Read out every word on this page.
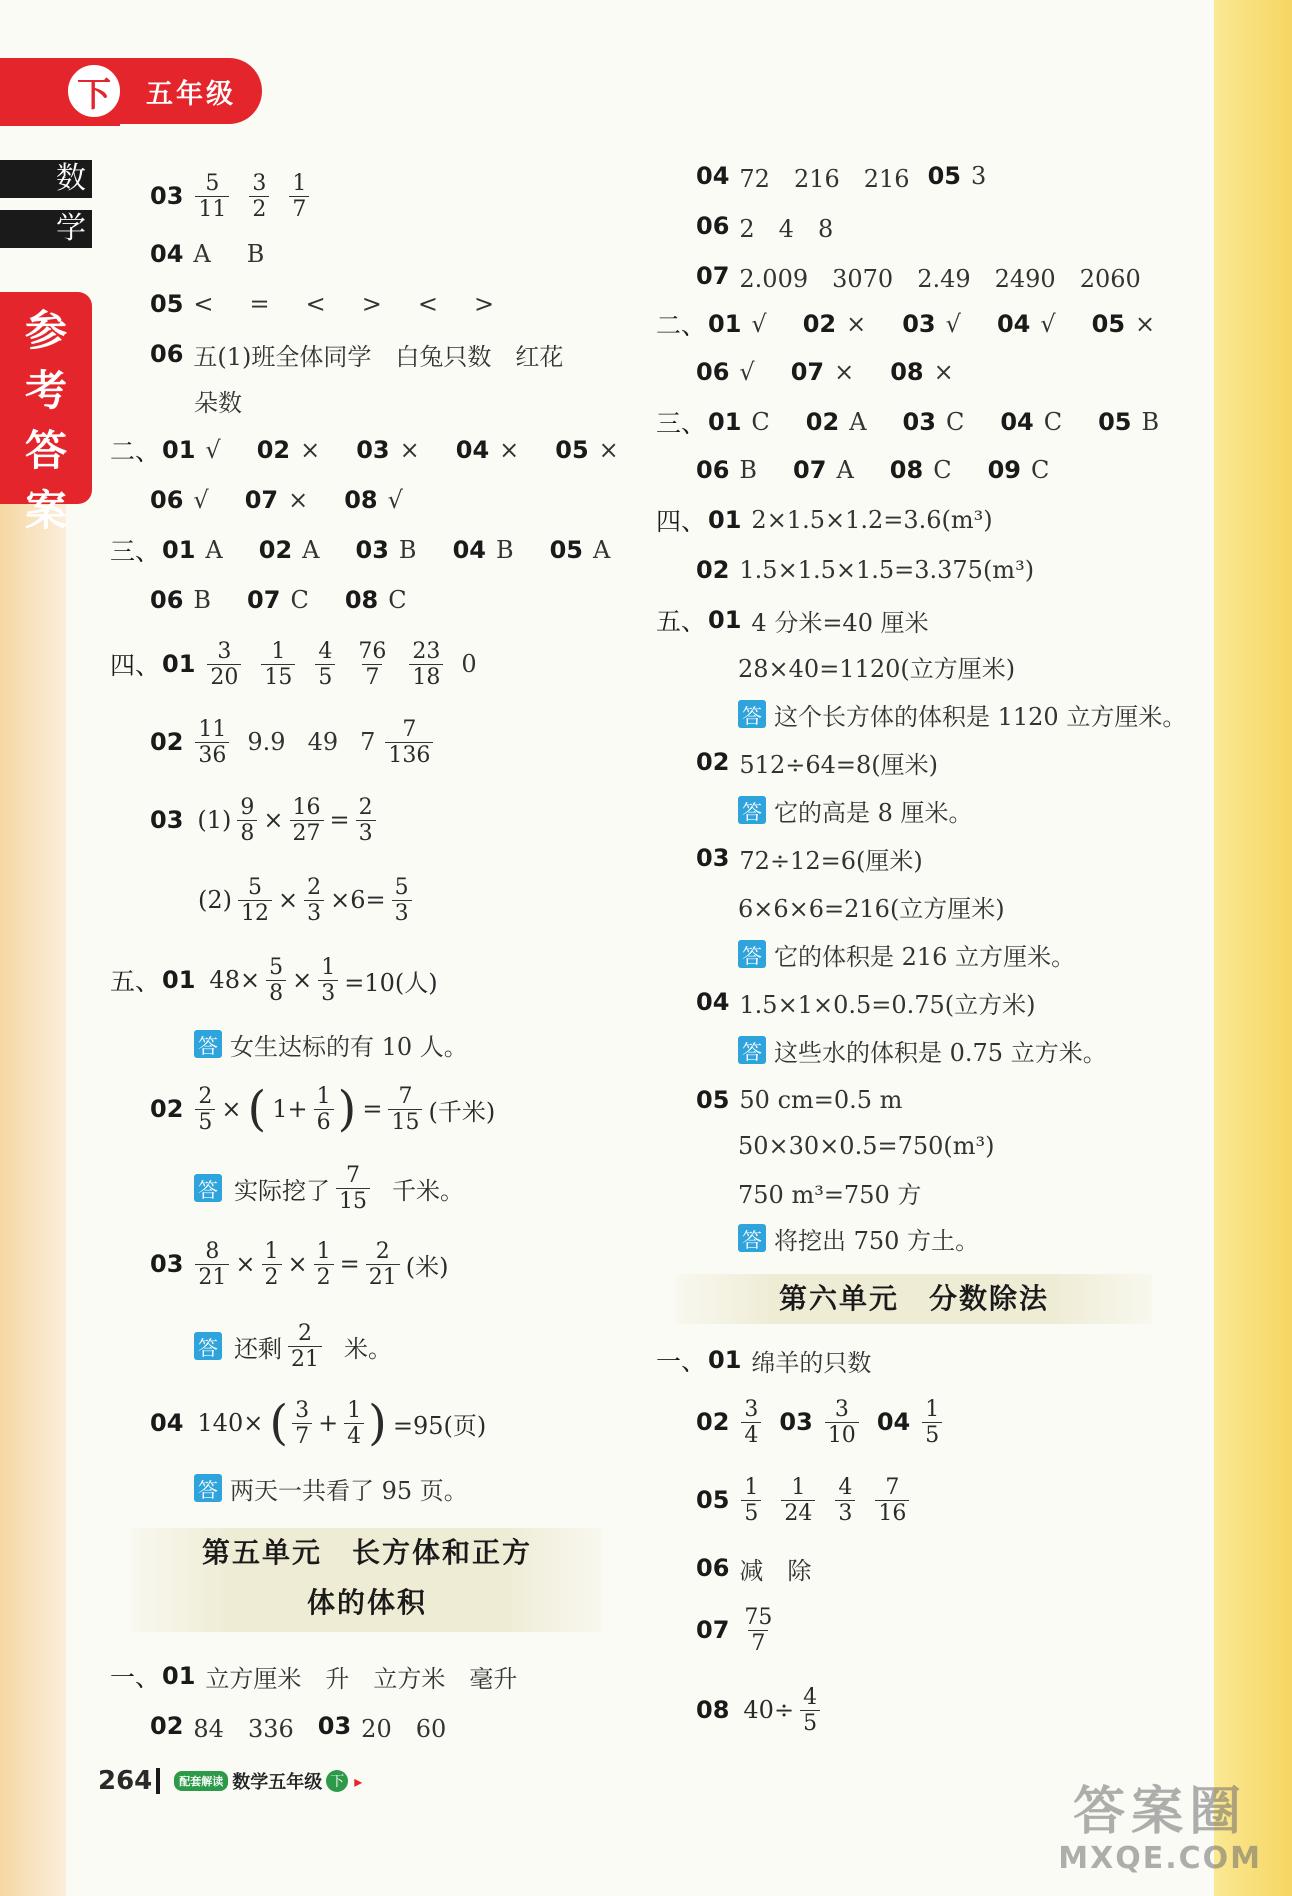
下	五年级
数
学
参
考
答
案
$03 \frac{5}{11} \frac{3}{2} \frac{1}{7}$
04 A B
05 < = < > < >
06 五(1)班全体同学　白兔只数　红花
朵数
二、 01 √ 02 × 03 × 04 × 05 ×
06 √ 07 × 08 √
三、 01 A 02 A 03 B 04 B 05 A
06 B 07 C 08 C
四、 $01 \frac{3}{20} \frac{1}{15} \frac{4}{5} \frac{76}{7} \frac{23}{18} 0$
$02 \frac{11}{36} 9.9$ 49 $7 \frac{7}{136}$
03 $(1) \frac{9}{8} \times \frac{16}{27} = \frac{2}{3}$
$(2) \frac{5}{12} \times \frac{2}{3} \times 6= \frac{5}{3}$
五、 01 $48\times \frac{5}{8} \times \frac{1}{3} =10$(人)
答 女生达标的有 10 人。
$02 \frac{2}{5}$ × ( $1+ \frac{1}{6}$ ) = $\frac{7}{15}$ (千米)
答 实际挖了 $\frac{7}{15}$ 千米。
$03 \frac{8}{21} \times \frac{1}{2} \times \frac{1}{2} = \frac{2}{21}$ (米)
答 还剩 $\frac{2}{21}$ 米。
04 140× ( $\frac{3}{7} + \frac{1}{4}$ ) =95(页)
答 两天一共看了 95 页。
第五单元　长方体和正方
体的体积
一、 01 立方厘米　升　立方米　毫升
02 84　336 03 20　60
04 72　216　216 05 3
06 2　4　8
07 2.009　3070　2.49　2490　2060
二、 01 √ 02 × 03 √ 04 √ 05 ×
06 √ 07 × 08 ×
三、 01 C 02 A 03 C 04 C 05 B
06 B 07 A 08 C 09 C
四、 01 2×1.5×1.2=3.6(m³)
02 1.5×1.5×1.5=3.375(m³)
五、 01 4 分米=40 厘米
28×40=1120(立方厘米)
答 这个长方体的体积是 1120 立方厘米。
02 512÷64=8(厘米)
答 它的高是 8 厘米。
03 72÷12=6(厘米)
6×6×6=216(立方厘米)
答 它的体积是 216 立方厘米。
04 1.5×1×0.5=0.75(立方米)
答 这些水的体积是 0.75 立方米。
05 50 cm=0.5 m
50×30×0.5=750(m³)
750 m³=750 方
答 将挖出 750 方土。
第六单元　分数除法
一、 01 绵羊的只数
$02 \frac{3}{4} 03 \frac{3}{10} 04 \frac{1}{5}$
$05 \frac{1}{5} \frac{1}{24} \frac{4}{3} \frac{7}{16}$
06 减　除
$07 \frac{75}{7}$
08 $40\div \frac{4}{5}$
264	配套解读 数学五年级 下 ▸
答案圈
MXQE.COM
